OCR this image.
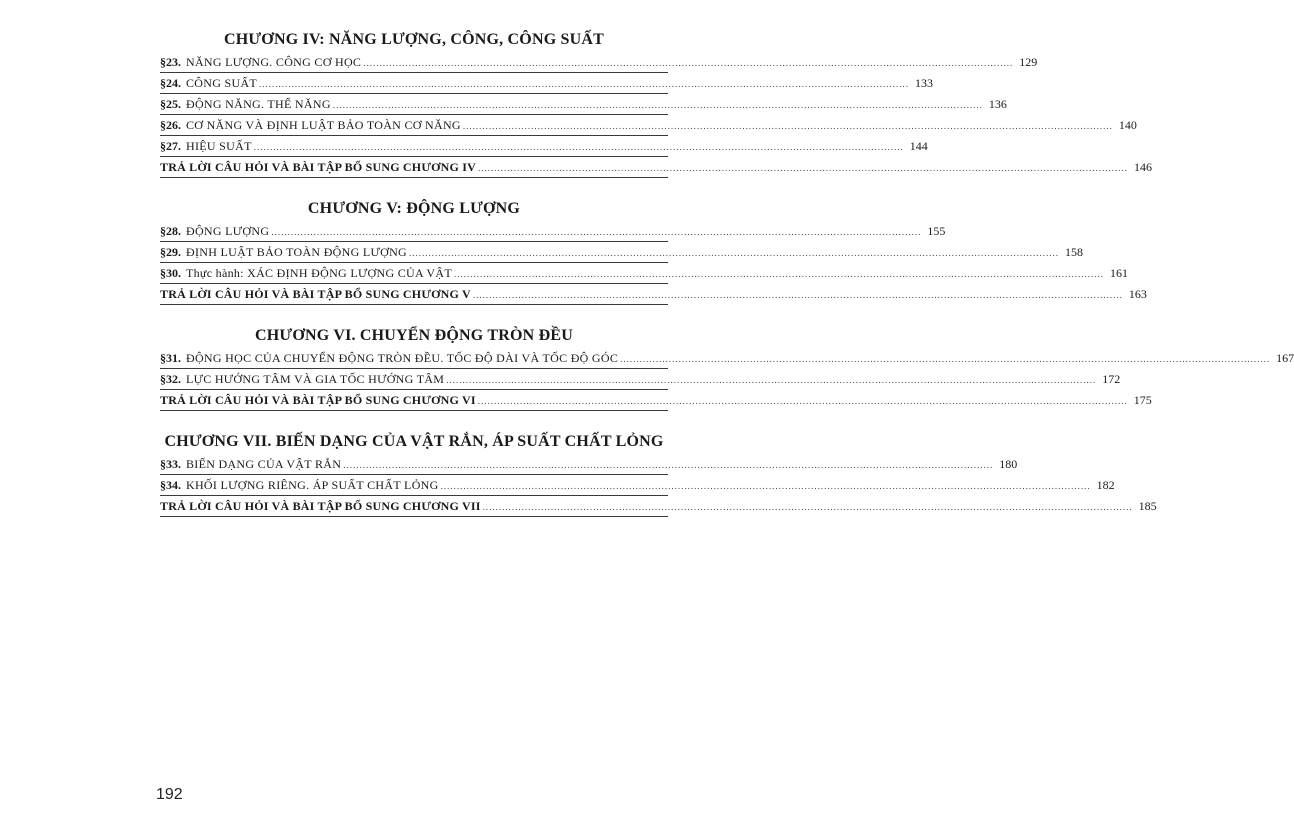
CHƯƠNG IV: NĂNG LƯỢNG, CÔNG, CÔNG SUẤT
§23. NĂNG LƯỢNG. CÔNG CƠ HỌC ........................................................................................................................................................................................................ 129
§24. CÔNG SUẤT ........................................................................................................................................................................................................ 133
§25. ĐỘNG NĂNG. THẾ NĂNG ........................................................................................................................................................................................................ 136
§26. CƠ NĂNG VÀ ĐỊNH LUẬT BẢO TOÀN CƠ NĂNG ........................................................................................................................................................................................................ 140
§27. HIỆU SUẤT ........................................................................................................................................................................................................ 144
TRẢ LỜI CÂU HỎI VÀ BÀI TẬP BỔ SUNG CHƯƠNG IV ........................................................................................................................................................................................................ 146
CHƯƠNG V: ĐỘNG LƯỢNG
§28. ĐỘNG LƯỢNG ........................................................................................................................................................................................................ 155
§29. ĐỊNH LUẬT BẢO TOÀN ĐỘNG LƯỢNG ........................................................................................................................................................................................................ 158
§30. Thực hành: XÁC ĐỊNH ĐỘNG LƯỢNG CỦA VẬT ........................................................................................................................................................................................................ 161
TRẢ LỜI CÂU HỎI VÀ BÀI TẬP BỔ SUNG CHƯƠNG V ........................................................................................................................................................................................................ 163
CHƯƠNG VI. CHUYỂN ĐỘNG TRÒN ĐỀU
§31. ĐỘNG HỌC CỦA CHUYỂN ĐỘNG TRÒN ĐỀU. TỐC ĐỘ DÀI VÀ TỐC ĐỘ GÓC ........................................................................................................................................................................................................ 167
§32. LỰC HƯỚNG TÂM VÀ GIA TỐC HƯỚNG TÂM ........................................................................................................................................................................................................ 172
TRẢ LỜI CÂU HỎI VÀ BÀI TẬP BỔ SUNG CHƯƠNG VI ........................................................................................................................................................................................................ 175
CHƯƠNG VII. BIẾN DẠNG CỦA VẬT RẮN, ÁP SUẤT CHẤT LỎNG
§33. BIẾN DẠNG CỦA VẬT RẮN ........................................................................................................................................................................................................ 180
§34. KHỐI LƯỢNG RIÊNG. ÁP SUẤT CHẤT LỎNG ........................................................................................................................................................................................................ 182
TRẢ LỜI CÂU HỎI VÀ BÀI TẬP BỔ SUNG CHƯƠNG VII ........................................................................................................................................................................................................ 185
192
